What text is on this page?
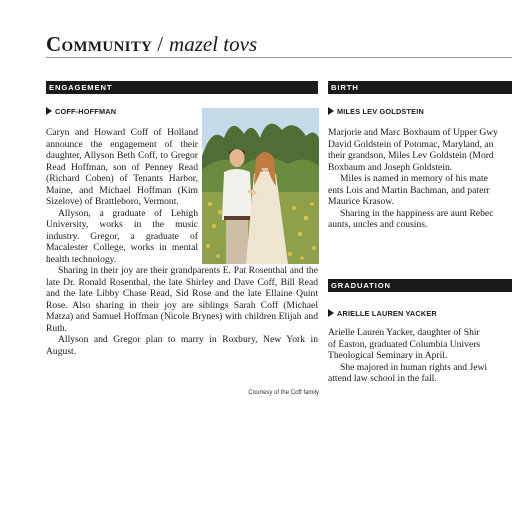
Community / mazel tovs
ENGAGEMENT
COFF-HOFFMAN

Caryn and Howard Coff of Holland announce the engagement of their daughter, Allyson Beth Coff, to Gregor Read Hoffman, son of Penney Read (Richard Cohen) of Tenants Harbor, Maine, and Michael Hoffman (Kim Sizelove) of Brattleboro, Vermont.

Allyson, a graduate of Lehigh University, works in the music industry. Gregor, a graduate of Macalester College, works in mental health technology.

Sharing in their joy are their grandparents E. Pat Rosenthal and the late Dr. Ronald Rosenthal, the late Shirley and Dave Coff, Bill Read and the late Libby Chase Read, Sid Rose and the late Ellaine Quint Rose. Also sharing in their joy are siblings Sarah Coff (Michael Matza) and Samuel Hoffman (Nicole Brynes) with children Elijah and Ruth.

Allyson and Gregor plan to marry in Roxbury, New York in August.

Courtesy of the Coff family
BIRTH
MILES LEV GOLDSTEIN
Marjorie and Marc Boxbaum of Upper Gwy
David Goldstein of Potomac, Maryland, an
their grandson, Miles Lev Goldstein (Mord
Boxbaum and Joseph Goldstein.
Miles is named in memory of his mate
ents Lois and Martin Bachman, and paterr
Maurice Krasow.
Sharing in the happiness are aunt Rebec
aunts, uncles and cousins.
GRADUATION
ARIELLE LAUREN YACKER
Arielle Lauren Yacker, daughter of Shir
of Easton, graduated Columbia Univers
Theological Seminary in April.
She majored in human rights and Jewi
attend law school in the fall.
